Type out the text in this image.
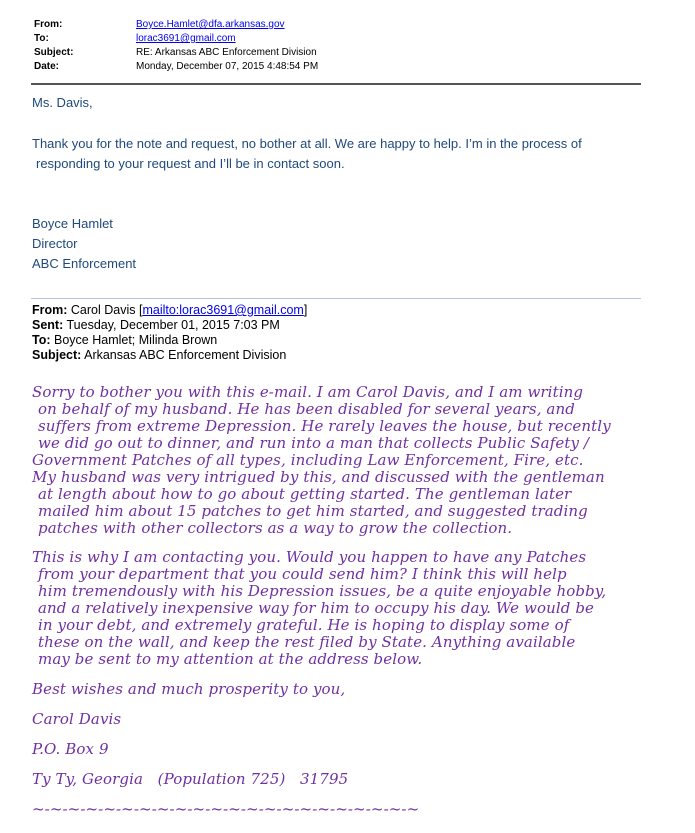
From:	Boyce.Hamlet@dfa.arkansas.gov
To:	lorac3691@gmail.com
Subject:	RE: Arkansas ABC Enforcement Division
Date:	Monday, December 07, 2015 4:48:54 PM
Ms. Davis,
Thank you for the note and request, no bother at all. We are happy to help. I’m in the process of
responding to your request and I’ll be in contact soon.
Boyce Hamlet
Director
ABC Enforcement
From: Carol Davis [mailto:lorac3691@gmail.com]
Sent: Tuesday, December 01, 2015 7:03 PM
To: Boyce Hamlet; Milinda Brown
Subject: Arkansas ABC Enforcement Division
Sorry to bother you with this e-mail. I am Carol Davis, and I am writing
on behalf of my husband. He has been disabled for several years, and
suffers from extreme Depression. He rarely leaves the house, but recently
we did go out to dinner, and run into a man that collects Public Safety /
Government Patches of all types, including Law Enforcement, Fire, etc.
My husband was very intrigued by this, and discussed with the gentleman
at length about how to go about getting started. The gentleman later
mailed him about 15 patches to get him started, and suggested trading
patches with other collectors as a way to grow the collection.
This is why I am contacting you. Would you happen to have any Patches
from your department that you could send him? I think this will help
him tremendously with his Depression issues, be a quite enjoyable hobby,
and a relatively inexpensive way for him to occupy his day. We would be
in your debt, and extremely grateful. He is hoping to display some of
these on the wall, and keep the rest filed by State. Anything available
may be sent to my attention at the address below.
Best wishes and much prosperity to you,
Carol Davis
P.O. Box 9
Ty Ty, Georgia   (Population 725)   31795
~-~-~-~-~-~-~-~-~-~-~-~-~-~-~-~-~-~-~-~-~-~
